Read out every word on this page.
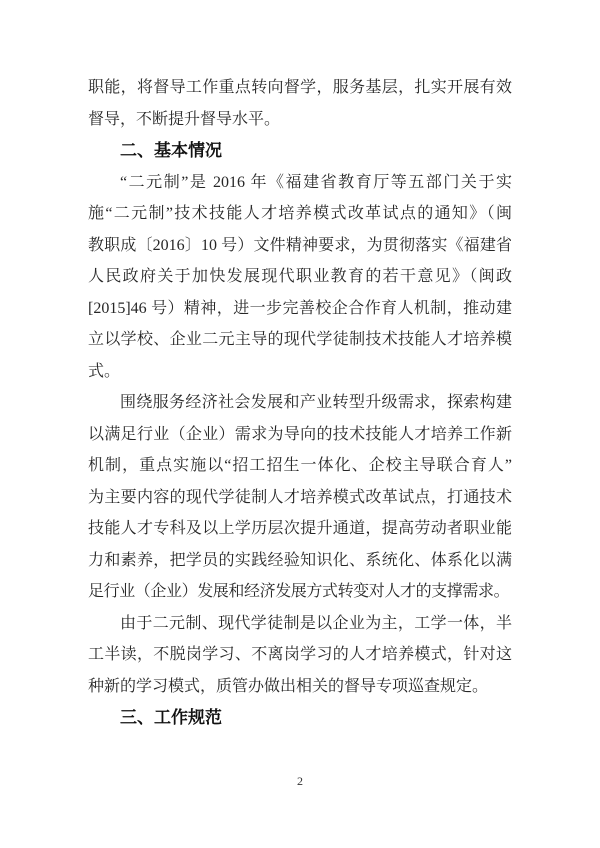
职能，将督导工作重点转向督学，服务基层，扎实开展有效
督导，不断提升督导水平。
二、基本情况
“二元制”是 2016 年《福建省教育厅等五部门关于实
施“二元制”技术技能人才培养模式改革试点的通知》（闽
教职成〔2016〕10 号）文件精神要求，为贯彻落实《福建省
人民政府关于加快发展现代职业教育的若干意见》（闽政
[2015]46 号）精神，进一步完善校企合作育人机制，推动建
立以学校、企业二元主导的现代学徒制技术技能人才培养模
式。
围绕服务经济社会发展和产业转型升级需求，探索构建
以满足行业（企业）需求为导向的技术技能人才培养工作新
机制，重点实施以“招工招生一体化、企校主导联合育人”
为主要内容的现代学徒制人才培养模式改革试点，打通技术
技能人才专科及以上学历层次提升通道，提高劳动者职业能
力和素养，把学员的实践经验知识化、系统化、体系化以满
足行业（企业）发展和经济发展方式转变对人才的支撑需求。
由于二元制、现代学徒制是以企业为主，工学一体，半
工半读，不脱岗学习、不离岗学习的人才培养模式，针对这
种新的学习模式，质管办做出相关的督导专项巡查规定。
三、工作规范
2
